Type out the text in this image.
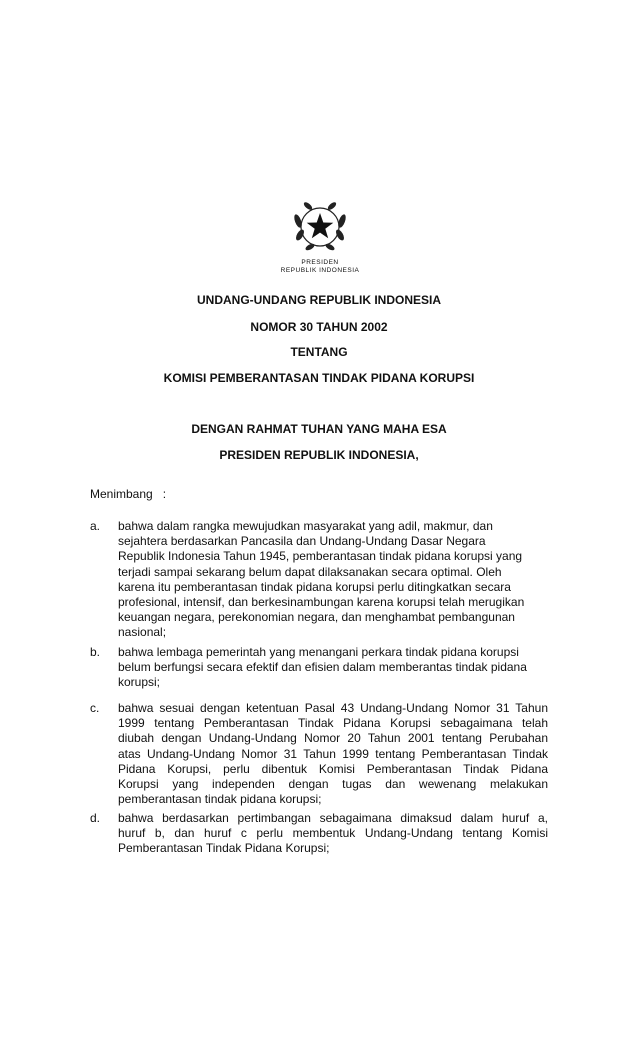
PRESIDEN
REPUBLIK INDONESIA
UNDANG-UNDANG REPUBLIK INDONESIA
NOMOR 30 TAHUN 2002
TENTANG
KOMISI PEMBERANTASAN TINDAK PIDANA KORUPSI
DENGAN RAHMAT TUHAN YANG MAHA ESA
PRESIDEN REPUBLIK INDONESIA,
Menimbang   :
a. bahwa dalam rangka mewujudkan masyarakat yang adil, makmur, dan
sejahtera berdasarkan Pancasila dan Undang-Undang Dasar Negara
Republik Indonesia Tahun 1945, pemberantasan tindak pidana korupsi yang
terjadi sampai sekarang belum dapat dilaksanakan secara optimal. Oleh
karena itu pemberantasan tindak pidana korupsi perlu ditingkatkan secara
profesional, intensif, dan berkesinambungan karena korupsi telah merugikan
keuangan negara, perekonomian negara, dan menghambat pembangunan
nasional;
b. bahwa lembaga pemerintah yang menangani perkara tindak pidana korupsi
belum berfungsi secara efektif dan efisien dalam memberantas tindak pidana
korupsi;
c. bahwa sesuai dengan ketentuan Pasal 43 Undang-Undang Nomor 31 Tahun
1999 tentang Pemberantasan Tindak Pidana Korupsi sebagaimana telah
diubah dengan Undang-Undang Nomor 20 Tahun 2001 tentang Perubahan
atas Undang-Undang Nomor 31 Tahun 1999 tentang Pemberantasan Tindak
Pidana Korupsi, perlu dibentuk Komisi Pemberantasan Tindak Pidana
Korupsi yang independen dengan tugas dan wewenang melakukan
pemberantasan tindak pidana korupsi;
d. bahwa berdasarkan pertimbangan sebagaimana dimaksud dalam huruf a,
huruf b, dan huruf c perlu membentuk Undang-Undang tentang Komisi
Pemberantasan Tindak Pidana Korupsi;
